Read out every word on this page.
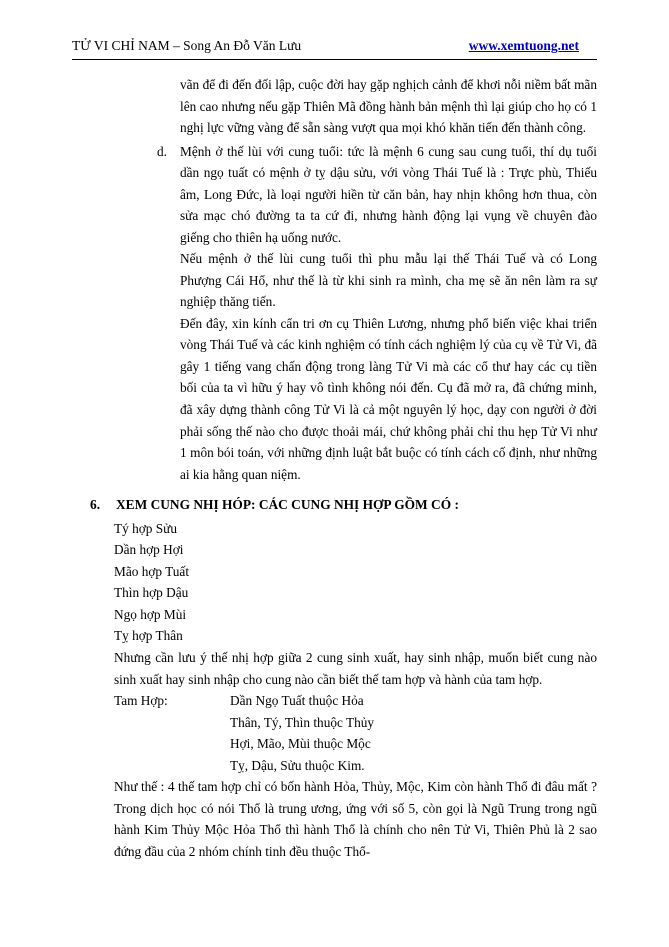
TỬ VI CHỈ NAM – Song An Đỗ Văn Lưu	www.xemtuong.net

vãn để đi đến đối lập, cuộc đời hay gặp nghịch cảnh để khơi nỗi niềm bất mãn lên cao nhưng nếu gặp Thiên Mã đồng hành bản mệnh thì lại giúp cho họ có 1 nghị lực vững vàng để sẵn sàng vượt qua mọi khó khăn tiến đến thành công.

d. Mệnh ở thế lùi với cung tuổi: tức là mệnh 6 cung sau cung tuổi, thí dụ tuổi dần ngọ tuất có mệnh ở tỵ dậu sửu, với vòng Thái Tuế là : Trực phù, Thiếu âm, Long Đức, là loại người hiền từ căn bản, hay nhịn không hơn thua, còn sửa mạc chó đường ta ta cứ đi, nhưng hành động lại vụng về chuyên đào giếng cho thiên hạ uống nước.

Nếu mệnh ở thế lùi cung tuổi thì phu mẫu lại thế Thái Tuế và có Long Phượng Cái Hổ, như thế là từ khi sinh ra mình, cha mẹ sẽ ăn nên làm ra sự nghiệp thăng tiến.

Đến đây, xin kính cẩn tri ơn cụ Thiên Lương, nhưng phổ biến việc khai triển vòng Thái Tuế và các kinh nghiệm có tính cách nghiệm lý của cụ về Tử Vi, đã gây 1 tiếng vang chấn động trong làng Tử Vi mà các cổ thư hay các cụ tiền bối của ta vì hữu ý hay vô tình không nói đến. Cụ đã mở ra, đã chứng minh, đã xây dựng thành công Tử Vi là cả một nguyên lý học, dạy con người ở đời phải sống thế nào cho được thoải mái, chứ không phải chỉ thu hẹp Tử Vi như 1 môn bói toán, với những định luật bắt buộc có tính cách cố định, như những ai kia hằng quan niệm.

6.	XEM CUNG NHỊ HÓP: CÁC CUNG NHỊ HỢP GỒM CÓ :

Tý hợp Sửu

Dần hợp Hợi

Mão hợp Tuất

Thìn hợp Dậu

Ngọ hợp Mùi

Tỵ hợp Thân

Nhưng cần lưu ý thế nhị hợp giữa 2 cung sinh xuất, hay sinh nhập, muốn biết cung nào sinh xuất hay sinh nhập cho cung nào cần biết thế tam hợp và hành của tam hợp.

Tam Hợp:	Dần Ngọ Tuất thuộc Hỏa
Thân, Tý, Thìn thuộc Thủy
Hợi, Mão, Mùi thuộc Mộc
Tỵ, Dậu, Sửu thuộc Kim.

Như thế : 4 thế tam hợp chỉ có bốn hành Hỏa, Thủy, Mộc, Kim còn hành Thổ đi đâu mất ? Trong dịch học có nói Thổ là trung ương, ứng với số 5, còn gọi là Ngũ Trung trong ngũ hành Kim Thủy Mộc Hỏa Thổ thì hành Thổ là chính cho nên Tử Vi, Thiên Phủ là 2 sao đứng đầu của 2 nhóm chính tinh đều thuộc Thổ-
